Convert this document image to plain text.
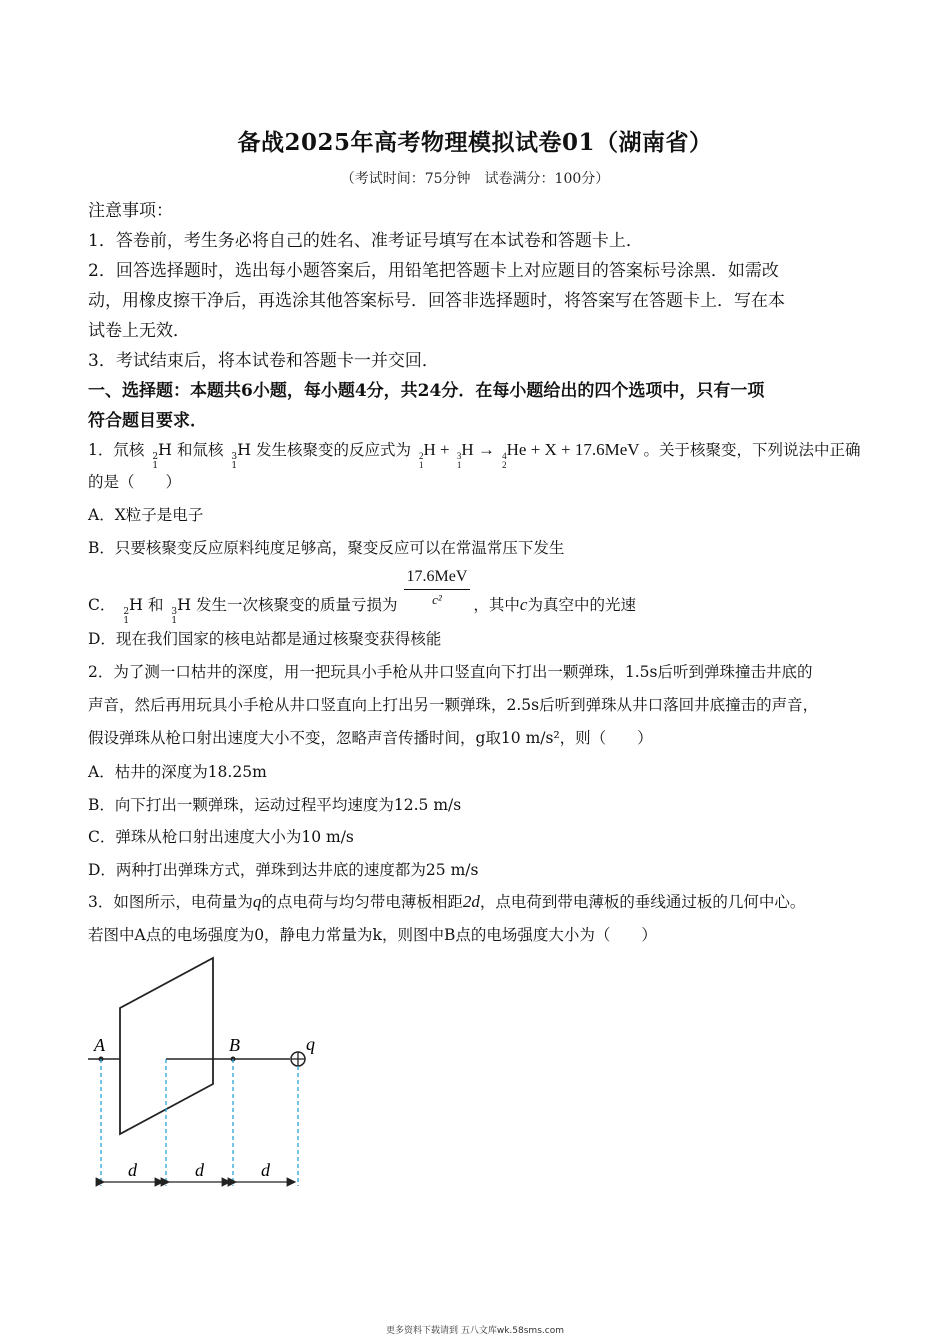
备战2025年高考物理模拟试卷01（湖南省）
（考试时间：75分钟　试卷满分：100分）
注意事项：
1．答卷前，考生务必将自己的姓名、准考证号填写在本试卷和答题卡上．
2．回答选择题时，选出每小题答案后，用铅笔把答题卡上对应题目的答案标号涂黑．如需改
动，用橡皮擦干净后，再选涂其他答案标号．回答非选择题时，将答案写在答题卡上．写在本
试卷上无效．
3．考试结束后，将本试卷和答题卡一并交回．
一、选择题：本题共6小题，每小题4分，共24分．在每小题给出的四个选项中，只有一项
符合题目要求．
1．氘核 2
1
H 和氚核 3
1
H 发生核聚变的反应式为 2
1
H + 3
1
H → 4
2
He + X + 17.6MeV 。关于核聚变，下列说法中正确
的是（　　）
A．X粒子是电子
B．只要核聚变反应原料纯度足够高，聚变反应可以在常温常压下发生
C． 2
1
H 和 3
1
H 发生一次核聚变的质量亏损为	，其中c为真空中的光速
17.6MeV
c²
D．现在我们国家的核电站都是通过核聚变获得核能
2．为了测一口枯井的深度，用一把玩具小手枪从井口竖直向下打出一颗弹珠，1.5s后听到弹珠撞击井底的
声音，然后再用玩具小手枪从井口竖直向上打出另一颗弹珠，2.5s后听到弹珠从井口落回井底撞击的声音，
假设弹珠从枪口射出速度大小不变，忽略声音传播时间，g取10 m/s²，则（　　）
A．枯井的深度为18.25m
B．向下打出一颗弹珠，运动过程平均速度为12.5 m/s
C．弹珠从枪口射出速度大小为10 m/s
D．两种打出弹珠方式，弹珠到达井底的速度都为25 m/s
3．如图所示，电荷量为q的点电荷与均匀带电薄板相距2d，点电荷到带电薄板的垂线通过板的几何中心。
若图中A点的电场强度为0，静电力常量为k，则图中B点的电场强度大小为（　　）
A	B	q
d	d	d
更多资料下载请到 五八文库wk.58sms.com
